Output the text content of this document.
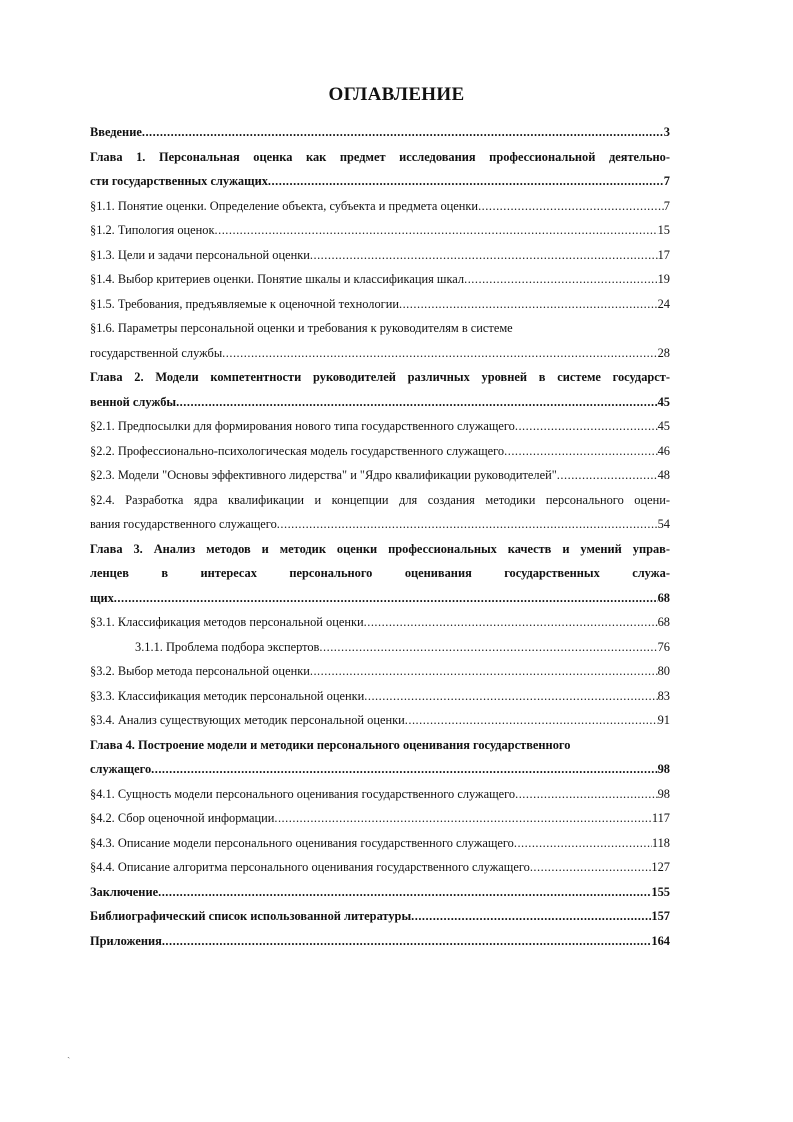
ОГЛАВЛЕНИЕ
Введение .....	3
Глава 1. Персональная оценка как предмет исследования профессиональной деятельно-
сти государственных служащих .....	7
§1.1. Понятие оценки. Определение объекта, субъекта и предмета оценки .....	7
§1.2. Типология оценок .....	15
§1.3. Цели и задачи персональной оценки .....	17
§1.4. Выбор критериев оценки. Понятие шкалы и классификация шкал .....	19
§1.5. Требования, предъявляемые к оценочной технологии .....	24
§1.6. Параметры персональной оценки и требования к руководителям в системе
государственной службы .....	28
Глава 2. Модели компетентности руководителей различных уровней в системе государст-
венной службы .....	45
§2.1. Предпосылки для формирования нового типа государственного служащего .....	45
§2.2. Профессионально-психологическая модель государственного служащего .....	46
§2.3. Модели "Основы эффективного лидерства" и "Ядро квалификации руководителей" .....	48
§2.4. Разработка ядра квалификации и концепции для создания методики персонального оцени-
вания государственного служащего .....	54
Глава 3. Анализ методов и методик оценки профессиональных качеств и умений управ-
ленцев в интересах персонального оценивания государственных служа-
щих .....	68
§3.1. Классификация методов персональной оценки .....	68
3.1.1. Проблема подбора экспертов .....	76
§3.2. Выбор метода персональной оценки .....	80
§3.3. Классификация методик персональной оценки .....	83
§3.4. Анализ существующих методик персональной оценки .....	91
Глава 4. Построение модели и методики персонального оценивания государственного
служащего .....	98
§4.1. Сущность модели персонального оценивания государственного служащего .....	98
§4.2. Сбор оценочной информации .....	117
§4.3. Описание модели персонального оценивания государственного служащего .....	118
§4.4. Описание алгоритма персонального оценивания государственного служащего .....	127
Заключение .....	155
Библиографический список использованной литературы .....	157
Приложения .....	164
ˏ
